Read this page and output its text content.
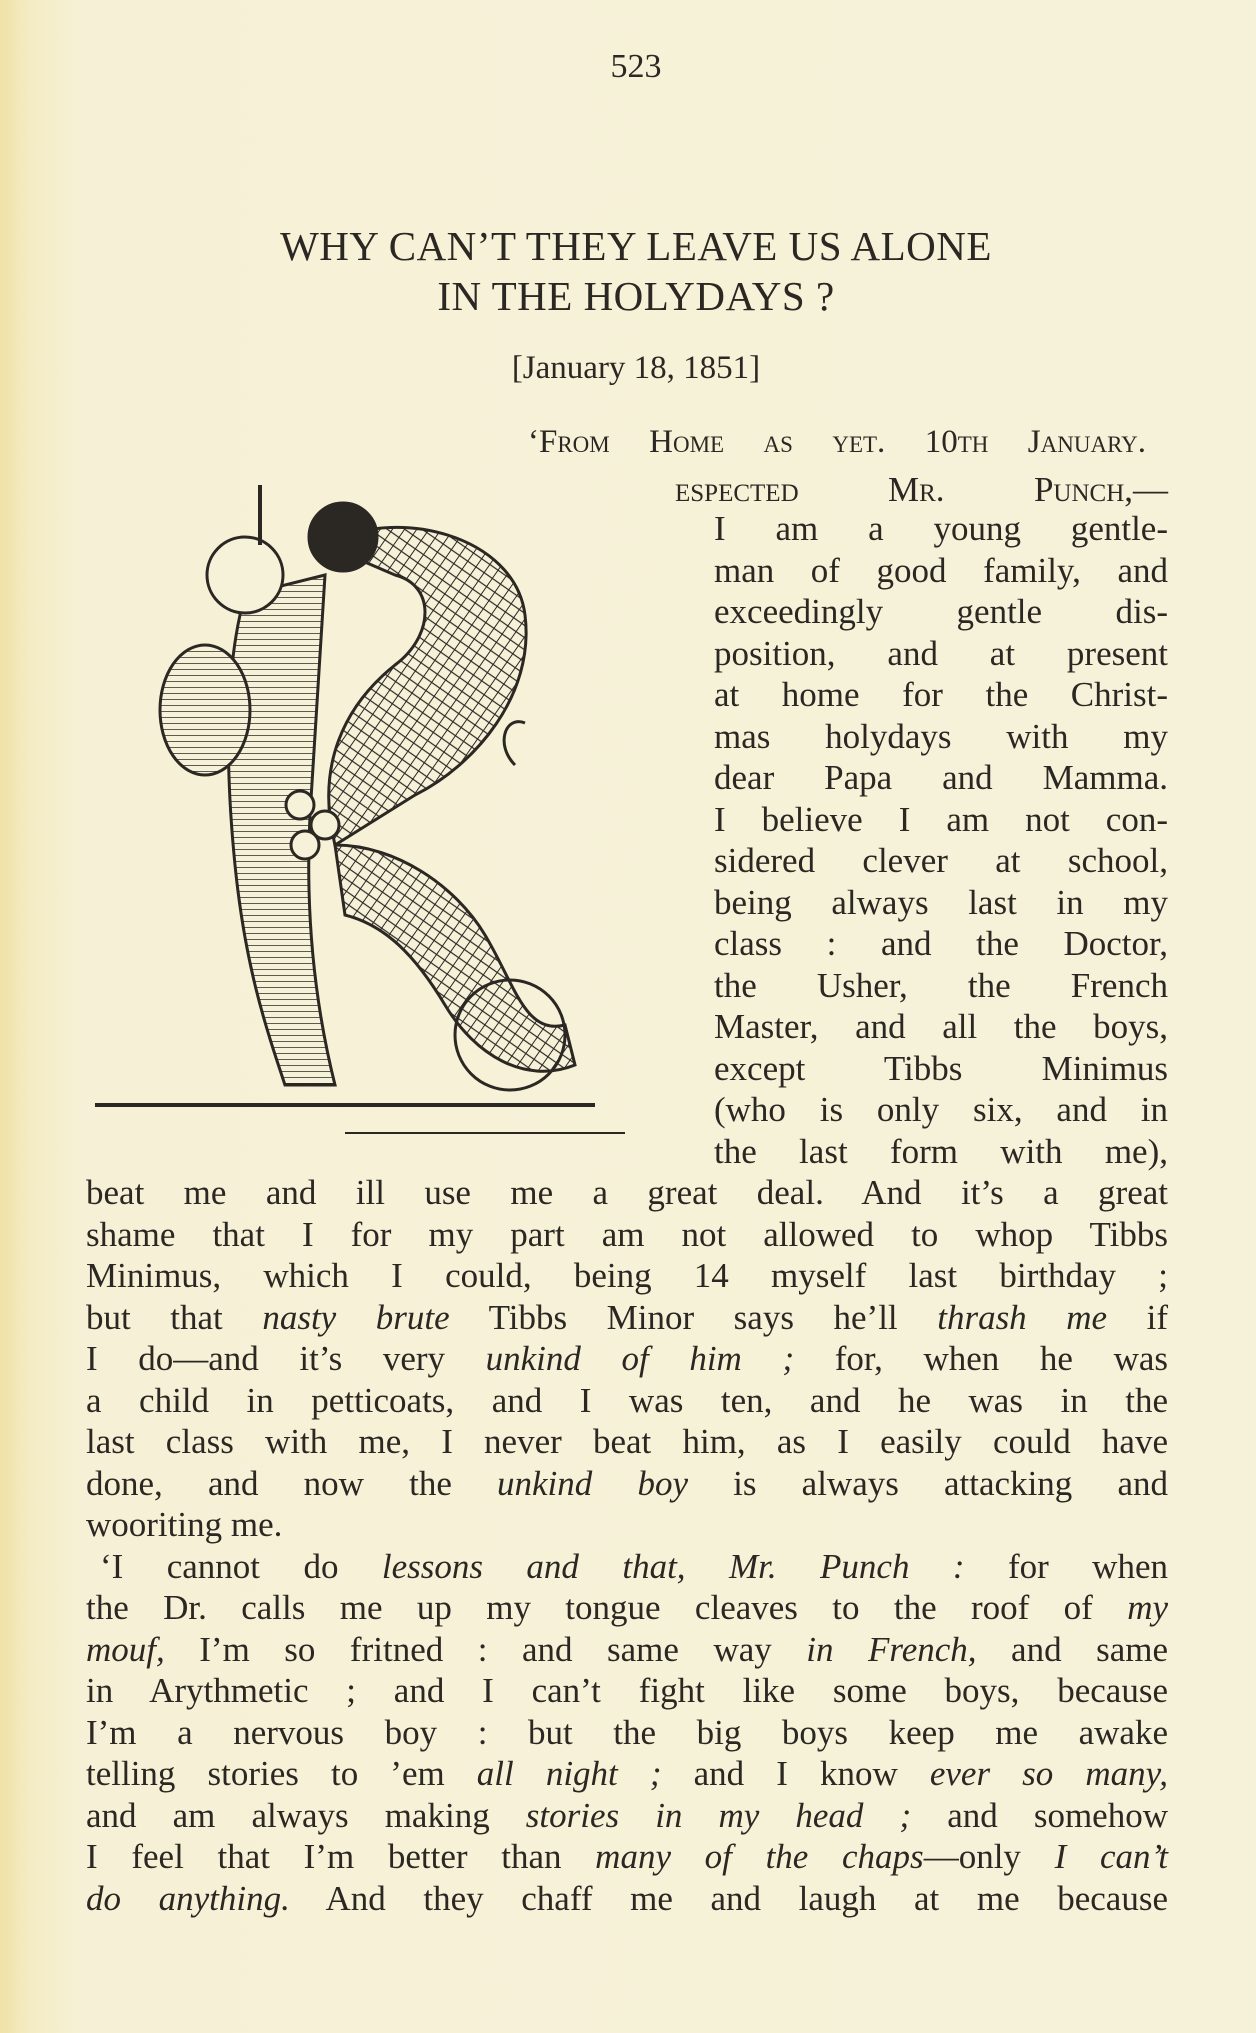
523
WHY CAN’T THEY LEAVE US ALONE
IN THE HOLYDAYS ?
[January 18, 1851]
‘From Home as yet. 10th January.
espected Mr. Punch,—
I am a young gentle-
man of good family, and
exceedingly gentle dis-
position, and at present
at home for the Christ-
mas holydays with my
dear Papa and Mamma.
I believe I am not con-
sidered clever at school,
being always last in my
class : and the Doctor,
the Usher, the French
Master, and all the boys,
except Tibbs Minimus
(who is only six, and in
the last form with me),
beat me and ill use me a great deal. And it’s a great
shame that I for my part am not allowed to whop Tibbs
Minimus, which I could, being 14 myself last birthday ;
but that nasty brute Tibbs Minor says he’ll thrash me if
I do—and it’s very unkind of him ; for, when he was
a child in petticoats, and I was ten, and he was in the
last class with me, I never beat him, as I easily could have
done, and now the unkind boy is always attacking and
wooriting me.
‘I cannot do lessons and that, Mr. Punch : for when
the Dr. calls me up my tongue cleaves to the roof of my
mouf, I’m so fritned : and same way in French, and same
in Arythmetic ; and I can’t fight like some boys, because
I’m a nervous boy : but the big boys keep me awake
telling stories to ’em all night ; and I know ever so many,
and am always making stories in my head ; and somehow
I feel that I’m better than many of the chaps—only I can’t
do anything. And they chaff me and laugh at me because
